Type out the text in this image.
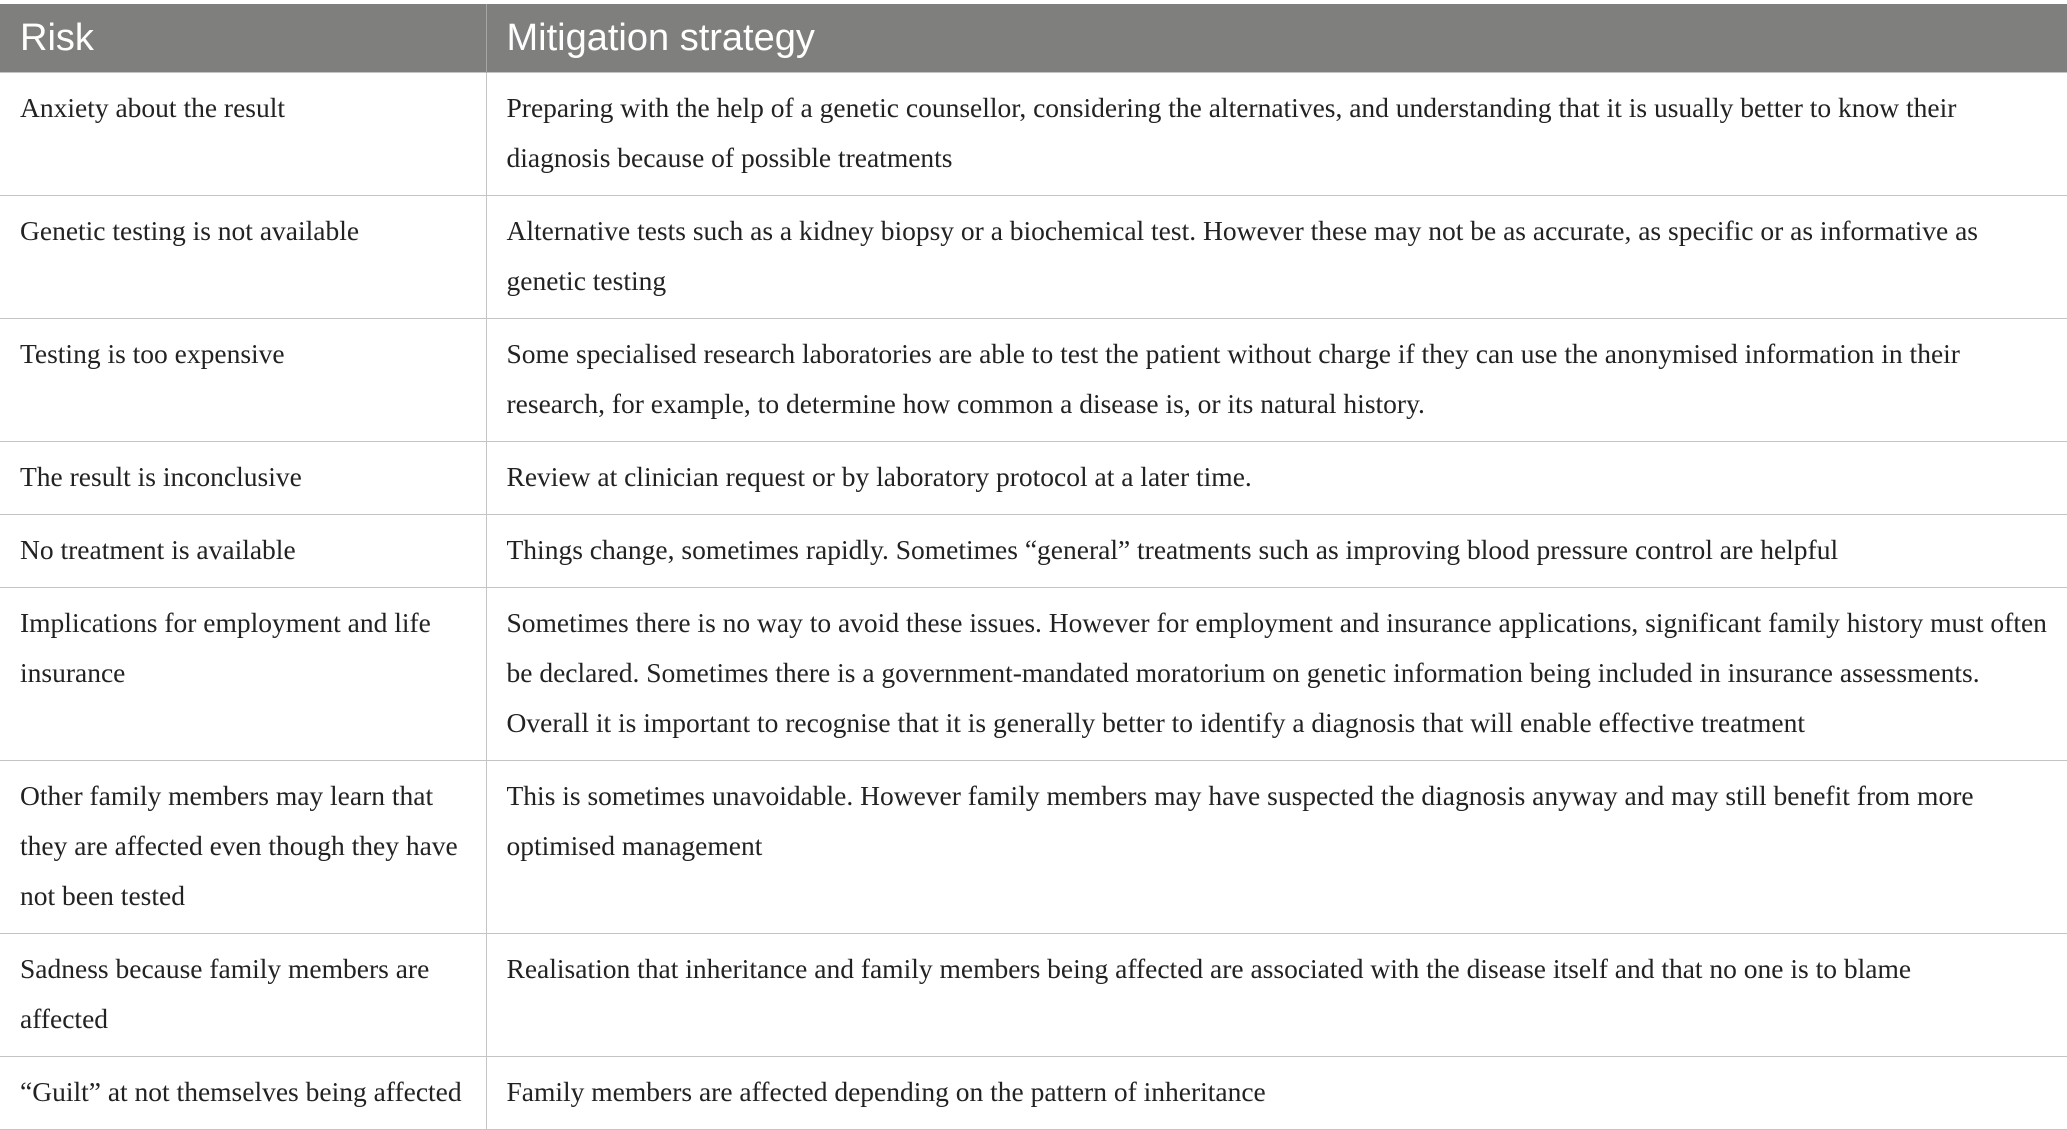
Risk	Mitigation strategy
Anxiety about the result	Preparing with the help of a genetic counsellor, considering the alternatives, and understanding that it is usually better to know their diagnosis because of possible treatments
Genetic testing is not available	Alternative tests such as a kidney biopsy or a biochemical test. However these may not be as accurate, as specific or as informative as genetic testing
Testing is too expensive	Some specialised research laboratories are able to test the patient without charge if they can use the anonymised information in their research, for example, to determine how common a disease is, or its natural history.
The result is inconclusive	Review at clinician request or by laboratory protocol at a later time.
No treatment is available	Things change, sometimes rapidly. Sometimes “general” treatments such as improving blood pressure control are helpful
Implications for employment and life insurance	Sometimes there is no way to avoid these issues. However for employment and insurance applications, significant family history must often be declared. Sometimes there is a government-mandated moratorium on genetic information being included in insurance assessments. Overall it is important to recognise that it is generally better to identify a diagnosis that will enable effective treatment
Other family members may learn that they are affected even though they have not been tested	This is sometimes unavoidable. However family members may have suspected the diagnosis anyway and may still benefit from more optimised management
Sadness because family members are affected	Realisation that inheritance and family members being affected are associated with the disease itself and that no one is to blame
“Guilt” at not themselves being affected	Family members are affected depending on the pattern of inheritance
